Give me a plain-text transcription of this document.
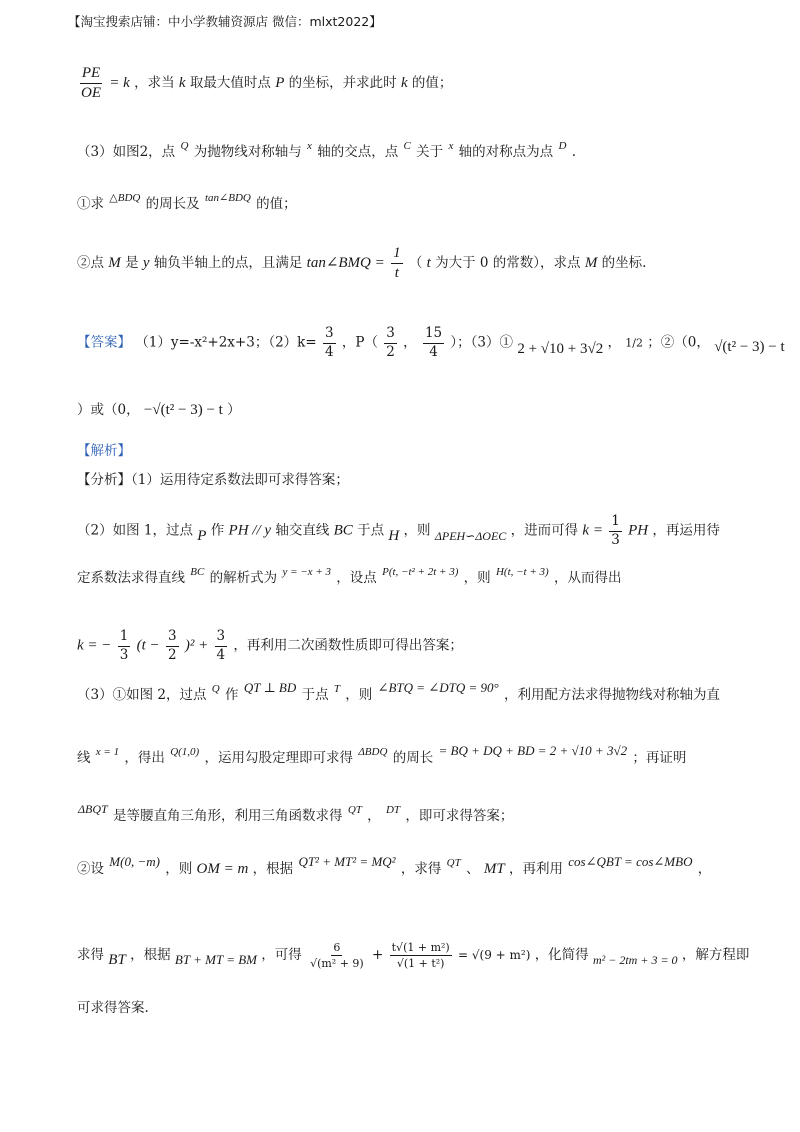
【淘宝搜索店铺：中小学教辅资源店 微信：mlxt2022】
$\frac{PE}{OE} = k$ ，求当 k 取最大值时点 P 的坐标，并求此时 k 的值；
（3）如图2，点 $^Q$ 为抛物线对称轴与 $^x$ 轴的交点，点 $^C$ 关于 $^x$ 轴的对称点为点 $^D$ .
①求 $^{\triangle BDQ}$ 的周长及 $^{tan\angle BDQ}$ 的值；
②点 M 是 y 轴负半轴上的点，且满足 tan∠BMQ = $\frac{1}{t}$ （ t 为大于 0 的常数），求点 M 的坐标.
【答案】 （1）y=-x²+2x+3；$(2)k= \frac{3}{4}$ ，$P( \frac{3}{2}$ ， $\frac{15}{4}$ ）；（3）① 2 + √10 + 3√2 ， 1/2 ；②（0， √(t² − 3) − t
）或（0， −√(t² − 3) − t ）
【解析】
【分析】（1）运用待定系数法即可求得答案；
（2）如图 1，过点 P 作 PH // y 轴交直线 BC 于点 H ，则 ΔPEH∽ΔOEC ，进而可得 $k = \frac{1}{3}$ PH ，再运用待
定系数法求得直线 $^{BC}$ 的解析式为 $^{y = -x + 3}$ ，设点 $^{P(t, -t^2 + 2t + 3)}$ ，则 $^{H(t, -t + 3)}$ ，从而得出
k = − $\frac{1}{3} (t - \frac{3}{2} )^2 + \frac{3}{4}$ ，再利用二次函数性质即可得出答案；
（3）①如图 2，过点 $^Q$ 作 QT ⊥ BD 于点 $^T$ ，则 ∠BTQ = ∠DTQ = 90° ，利用配方法求得抛物线对称轴为直
线 $^{x = 1}$ ，得出 $^{Q(1,0)}$ ，运用勾股定理即可求得 $^{\Delta BDQ}$ 的周长 = BQ + DQ + BD = 2 + √10 + 3√2 ；再证明
ΔBQT 是等腰直角三角形，利用三角函数求得 $^{QT}$ ， $^{DT}$ ，即可求得答案；
②设 M(0, −m) ，则 OM = m ，根据 QT² + MT² = MQ² ，求得 $^{QT}$ 、 MT ，再利用 cos∠QBT = cos∠MBO ，
求得 BT ，根据 BT + MT = BM ，可得 $\frac{6}{\text{√(m² + 9)}} + \frac{\text{t√(1 + m²)}}{\text{√(1 + t²)}} = √(9 + m^2)$ ，化简得 m² − 2tm + 3 = 0 ，解方程即
可求得答案.
